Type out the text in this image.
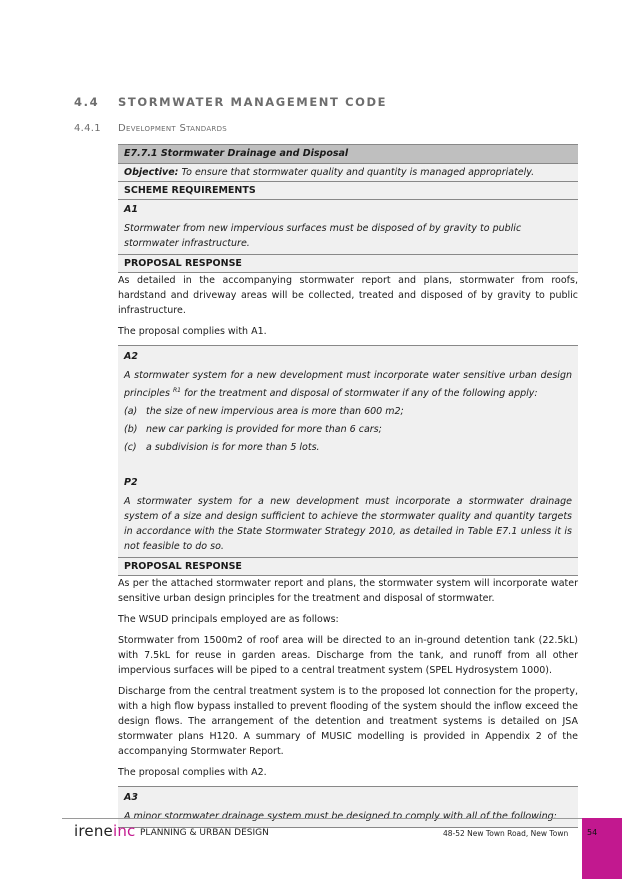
4.4 STORMWATER MANAGEMENT CODE
4.4.1 Development Standards
E7.7.1 Stormwater Drainage and Disposal
Objective: To ensure that stormwater quality and quantity is managed appropriately.
SCHEME REQUIREMENTS

A1

Stormwater from new impervious surfaces must be disposed of by gravity to public stormwater infrastructure.

PROPOSAL RESPONSE

As detailed in the accompanying stormwater report and plans, stormwater from roofs, hardstand and driveway areas will be collected, treated and disposed of by gravity to public infrastructure.

The proposal complies with A1.

A2

A stormwater system for a new development must incorporate water sensitive urban design principles $^{R1}$ for the treatment and disposal of stormwater if any of the following apply:

(a) the size of new impervious area is more than 600 m2;
(b) new car parking is provided for more than 6 cars;
(c) a subdivision is for more than 5 lots.

P2

A stormwater system for a new development must incorporate a stormwater drainage system of a size and design sufficient to achieve the stormwater quality and quantity targets in accordance with the State Stormwater Strategy 2010, as detailed in Table E7.1 unless it is not feasible to do so.

PROPOSAL RESPONSE

As per the attached stormwater report and plans, the stormwater system will incorporate water sensitive urban design principles for the treatment and disposal of stormwater.

The WSUD principals employed are as follows:

Stormwater from 1500m2 of roof area will be directed to an in-ground detention tank (22.5kL) with 7.5kL for reuse in garden areas. Discharge from the tank, and runoff from all other impervious surfaces will be piped to a central treatment system (SPEL Hydrosystem 1000).

Discharge from the central treatment system is to the proposed lot connection for the property, with a high flow bypass installed to prevent flooding of the system should the inflow exceed the design flows. The arrangement of the detention and treatment systems is detailed on JSA stormwater plans H120. A summary of MUSIC modelling is provided in Appendix 2 of the accompanying Stormwater Report.

The proposal complies with A2.

A3

A minor stormwater drainage system must be designed to comply with all of the following:

ireneinc PLANNING & URBAN DESIGN	48-52 New Town Road, New Town 54
